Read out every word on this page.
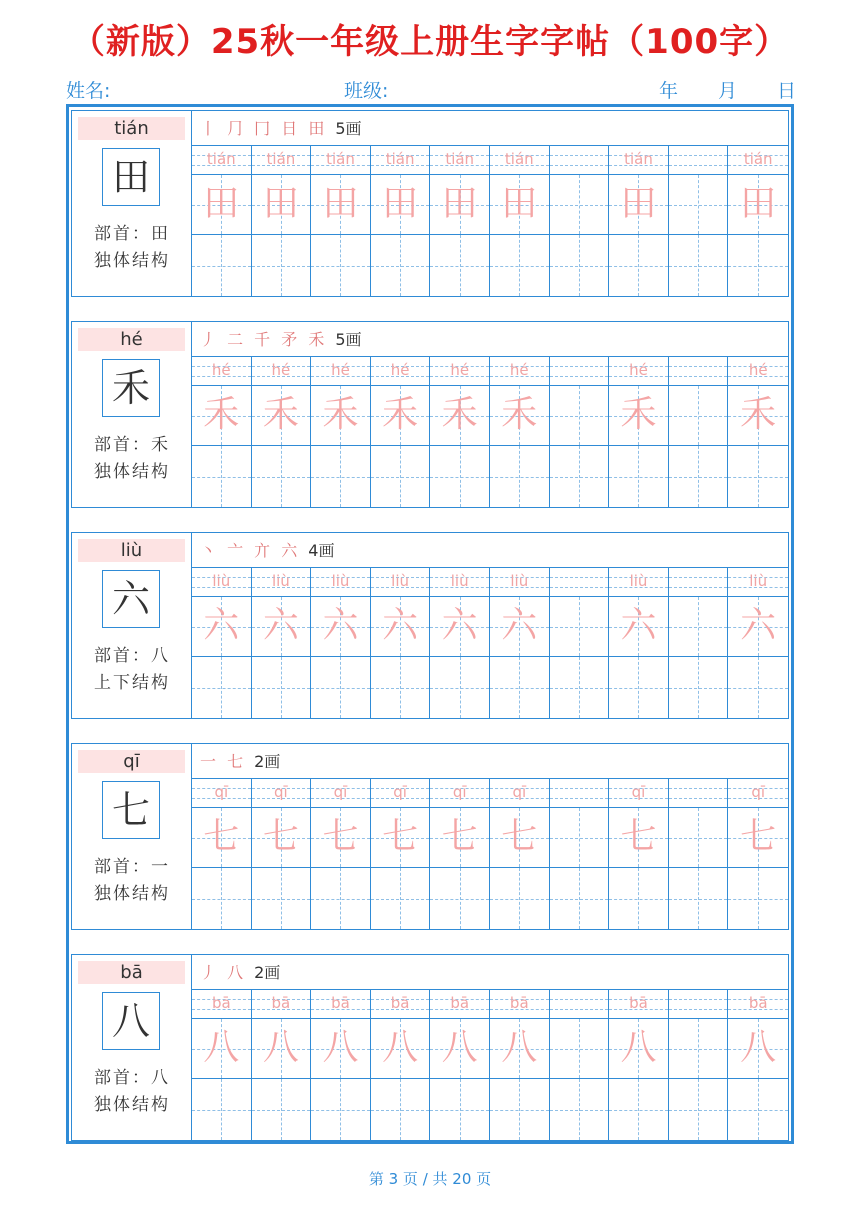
（新版）25秋一年级上册生字字帖（100字）
姓名:	班级:	年 月 日
tián
田
部首：田
独体结构
丨 ⺆ 冂 日 田 5画
tián	tián	tián	tián	tián	tián	tián	tián
田 田 田 田 田 田	田	田
hé
禾
部首：禾
独体结构
丿 二 千 矛 禾 5画
hé	hé	hé	hé	hé	hé	hé	hé
禾 禾 禾 禾 禾 禾	禾	禾
liù
六
部首：八
上下结构
丶 亠 亣 六 4画
liù	liù	liù	liù	liù	liù	liù	liù
六 六 六 六 六 六	六	六
qī
七
部首：一
独体结构
一 七 2画
qī	qī	qī	qī	qī	qī	qī	qī
七 七 七 七 七 七	七	七
bā
八
部首：八
独体结构
丿 八 2画
bā	bā	bā	bā	bā	bā	bā	bā
八 八 八 八 八 八	八	八
第 3 页 / 共 20 页
